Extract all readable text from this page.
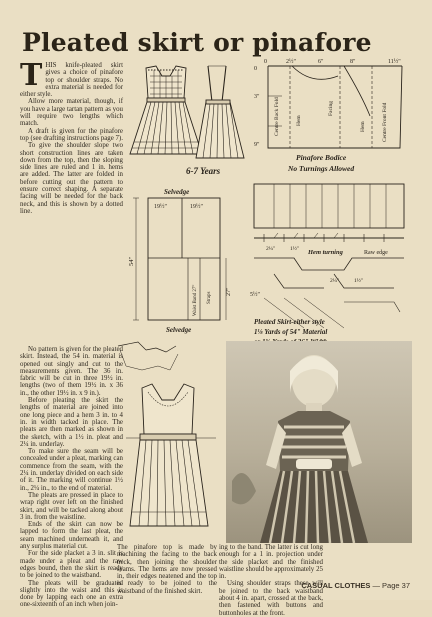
Pleated skirt or pinafore

THIS knife-pleated skirt gives a choice of pinafore top or shoulder straps. No extra material is needed for either style.

Allow more material, though, if you have a large tartan pattern as you will require two lengths which match.

A draft is given for the pinafore top (see drafting instructions page 7).

To give the shoulder slope two short construction lines are taken down from the top, then the sloping side lines are ruled and 1 in. hems are added. The latter are folded in before cutting out the pattern to ensure correct shaping. A separate facing will be needed for the back neck, and this is shown by a dotted line.

No pattern is given for the pleated skirt. Instead, the 54 in. material is opened out singly and cut to the measurements given. The 36 in. fabric will be cut in three 19½ in. lengths (two of them 19½ in. x 36 in., the other 19½ in. x 9 in.).

Before pleating the skirt the lengths of material are joined into one long piece and a hem 3 in. to 4 in. in width tacked in place. The pleats are then marked as shown in the sketch, with a 1½ in. pleat and 2¼ in. underlay.

To make sure the seam will be concealed under a pleat, marking can commence from the seam, with the 2¼ in. underlay divided on each side of it. The marking will continue 1½ in., 2¼ in., to the end of material.

The pleats are pressed in place to wrap right over left on the finished skirt, and will be tacked along about 3 in. from the waistline.

Ends of the skirt can now be lapped to form the last pleat, the seam machined underneath it, and any surplus material cut.

For the side placket a 3 in. slit is made under a pleat and the raw edges bound, then the skirt is ready to be joined to the waistband.

The pleats will be graduated slightly into the waist and this is done by lapping each one an extra one-sixteenth of an inch when join-

ing to the band. The latter is cut long enough for a 1 in. projection under the side placket and the finished waistline should be approximately 25 in.

Using shoulder straps these will be joined to the back waistband about 4 in. apart, crossed at the back, then fastened with buttons and buttonholes at the front.

The pinafore top is made by machining the facing to the back neck, then joining the shoulder seams. The hems are now pressed in, their edges neatened and the top is ready to be joined to the waistband of the finished skirt.

6-7 Years
0	2½"	6"	8"	11½"
0
3"
9"
Centre Back Fold	Hem
Facing	Centre Front Fold
Hem
Pinafore Bodice
No Turnings Allowed
Selvedge
Selvedge
54"
19½"	19½"
27"
Waist Band 27" Straps
Hem turning	Raw edge
2¼"	1½"
2¼"	1½"
5½"
Pleated Skirt-either style
1⅛ Yards of 54" Material
CASUAL CLOTHES — Page 37
